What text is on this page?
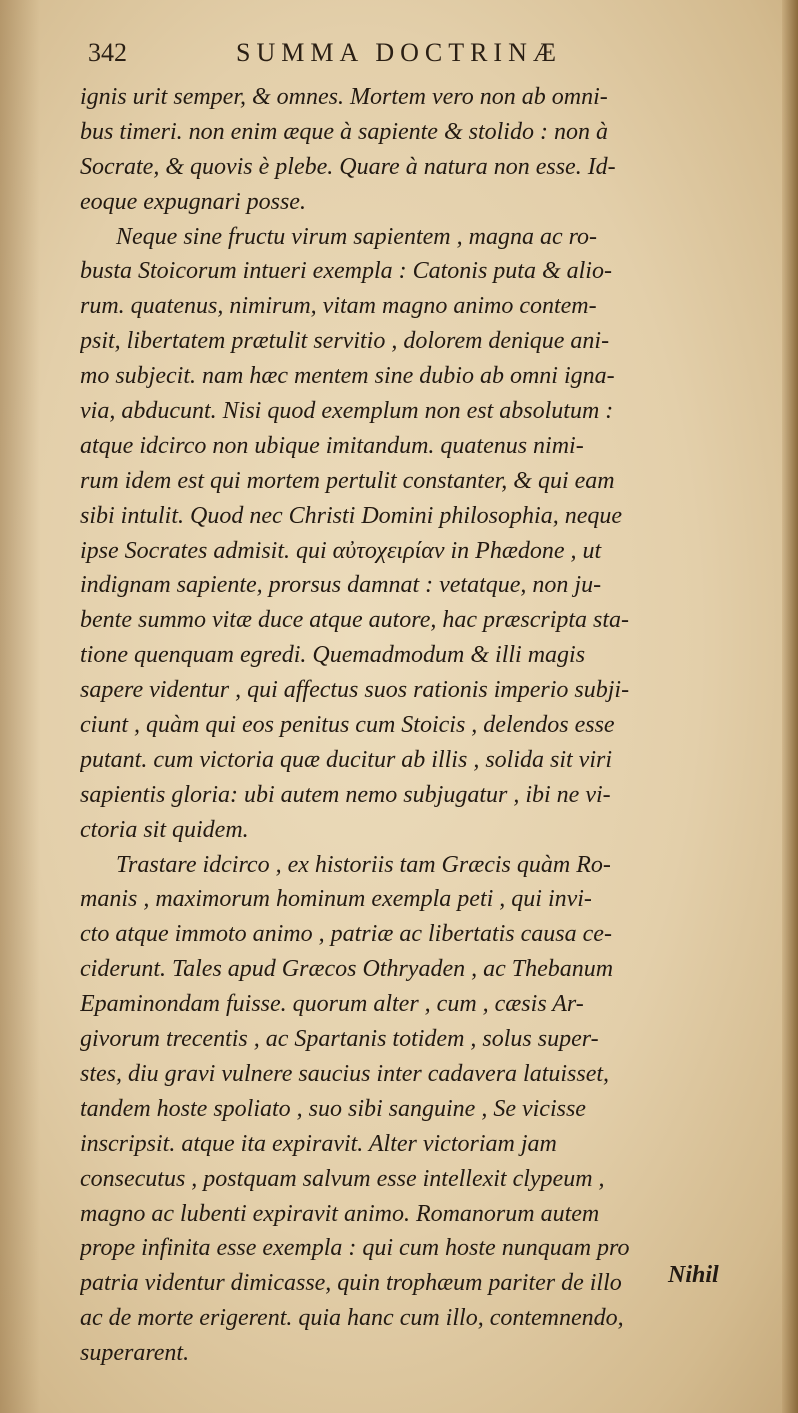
342	SUMMA DOCTRINÆ
ignis urit semper, & omnes. Mortem vero non ab omni-
bus timeri. non enim æque à sapiente & stolido : non à
Socrate, & quovis è plebe. Quare à natura non esse. Id-
eoque expugnari posse.
Neque sine fructu virum sapientem , magna ac ro-
busta Stoicorum intueri exempla : Catonis puta & alio-
rum. quatenus, nimirum, vitam magno animo contem-
psit, libertatem prætulit servitio , dolorem denique ani-
mo subjecit. nam hæc mentem sine dubio ab omni igna-
via, abducunt. Nisi quod exemplum non est absolutum :
atque idcirco non ubique imitandum. quatenus nimi-
rum idem est qui mortem pertulit constanter, & qui eam
sibi intulit. Quod nec Christi Domini philosophia, neque
ipse Socrates admisit. qui αὐτοχειρίαν in Phædone , ut
indignam sapiente, prorsus damnat : vetatque, non ju-
bente summo vitæ duce atque autore, hac præscripta sta-
tione quenquam egredi. Quemadmodum & illi magis
sapere videntur , qui affectus suos rationis imperio subji-
ciunt , quàm qui eos penitus cum Stoicis , delendos esse
putant. cum victoria quæ ducitur ab illis , solida sit viri
sapientis gloria: ubi autem nemo subjugatur , ibi ne vi-
ctoria sit quidem.
Trastare idcirco , ex historiis tam Græcis quàm Ro-
manis , maximorum hominum exempla peti , qui invi-
cto atque immoto animo , patriæ ac libertatis causa ce-
ciderunt. Tales apud Græcos Othryaden , ac Thebanum
Epaminondam fuisse. quorum alter , cum , cæsis Ar-
givorum trecentis , ac Spartanis totidem , solus super-
stes, diu gravi vulnere saucius inter cadavera latuisset,
tandem hoste spoliato , suo sibi sanguine , Se vicisse
inscripsit. atque ita expiravit. Alter victoriam jam
consecutus , postquam salvum esse intellexit clypeum ,
magno ac lubenti expiravit animo. Romanorum autem
prope infinita esse exempla : qui cum hoste nunquam pro
patria videntur dimicasse, quin trophæum pariter de illo
ac de morte erigerent. quia hanc cum illo, contemnendo,
superarent.
Nihil
